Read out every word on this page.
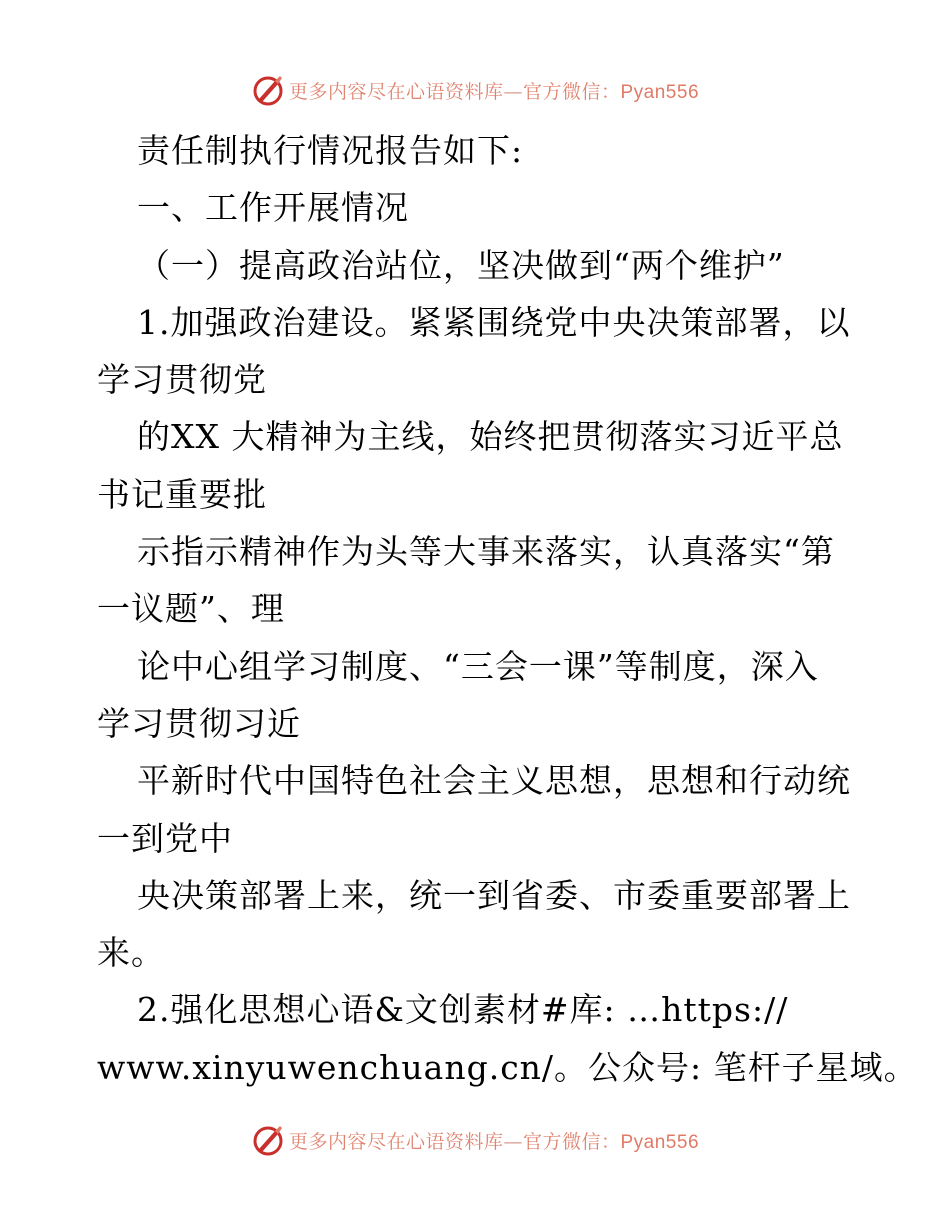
更多内容尽在心语资料库—官方微信：Pyan556
责任制执行情况报告如下:
一、工作开展情况
（一）提高政治站位，坚决做到“两个维护”
1.加强政治建设。紧紧围绕党中央决策部署，以
学习贯彻党
的XX 大精神为主线，始终把贯彻落实习近平总
书记重要批
示指示精神作为头等大事来落实，认真落实“第
一议题”、理
论中心组学习制度、“三会一课”等制度，深入
学习贯彻习近
平新时代中国特色社会主义思想，思想和行动统
一到党中
央决策部署上来，统一到省委、市委重要部署上
来。
2.强化思想心语&文创素材#库: …https://
www.xinyuwenchuang.cn/。公众号: 笔杆子星域。
更多内容尽在心语资料库—官方微信：Pyan556
